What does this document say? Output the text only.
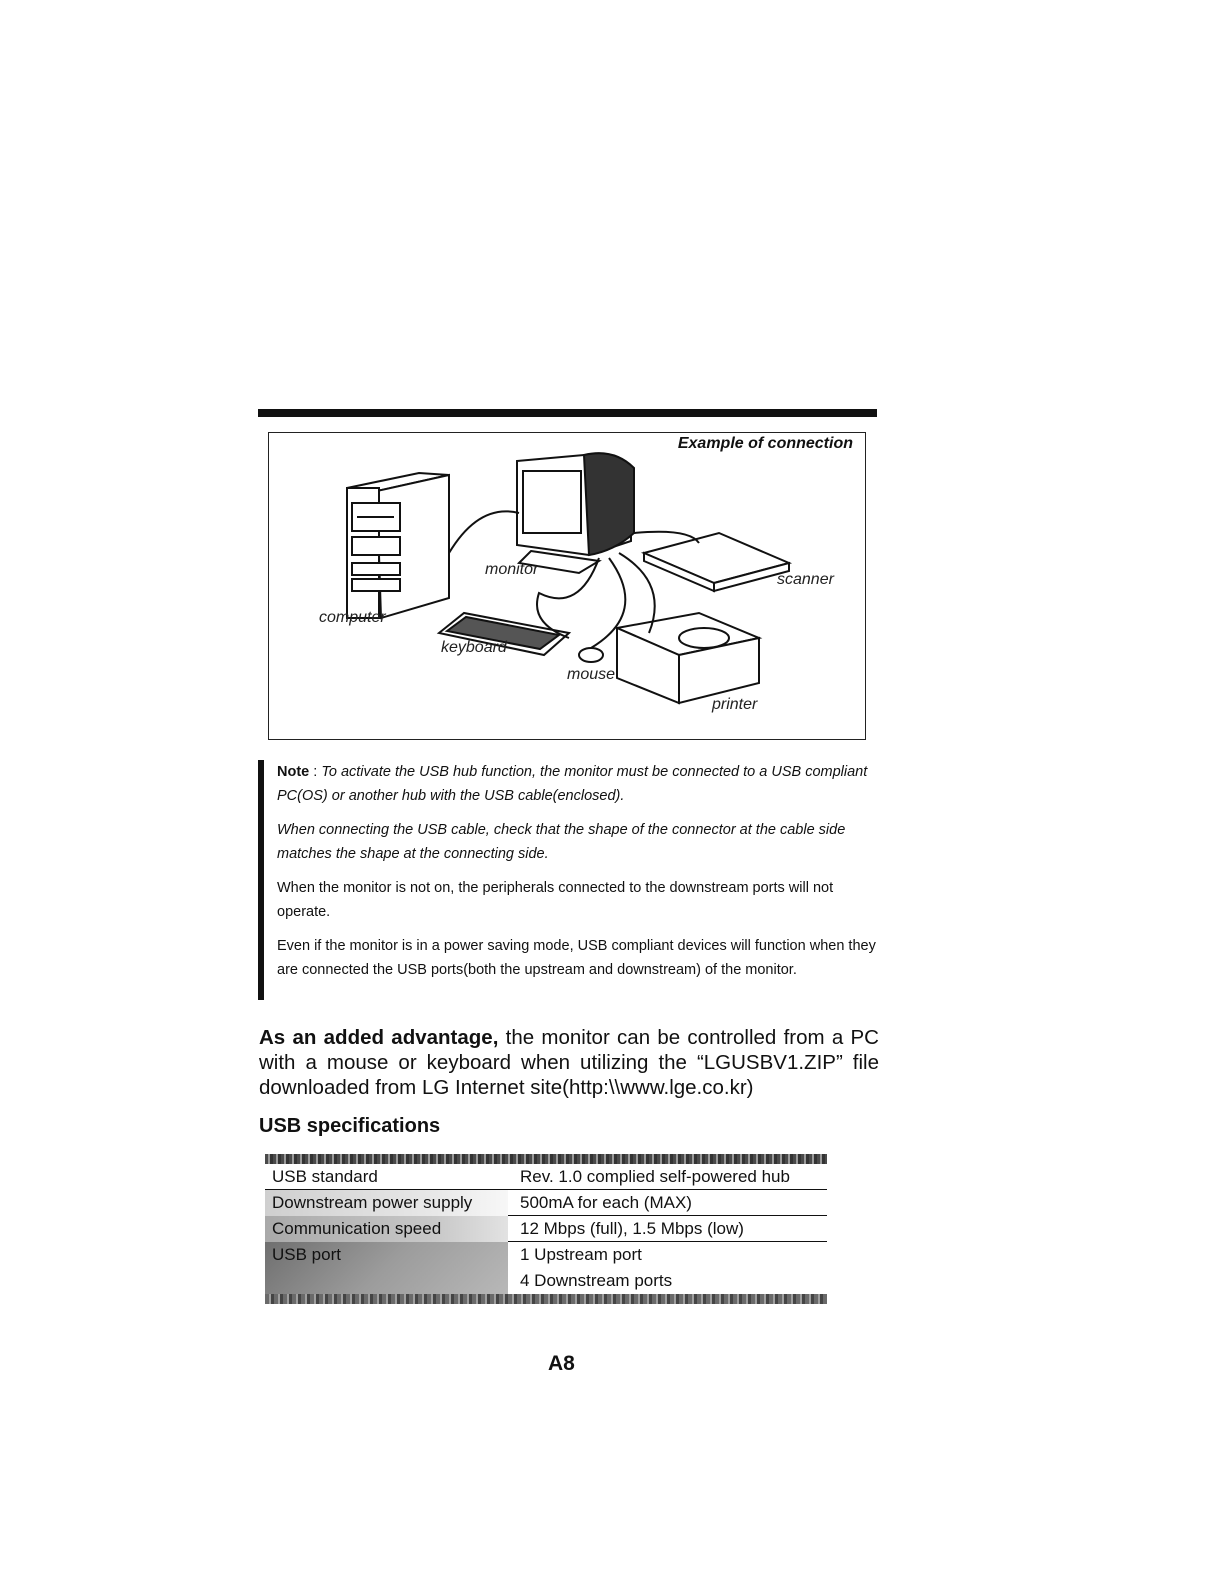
Example of connection
monitor
scanner
computer
keyboard
mouse
printer

Note : To activate the USB hub function, the monitor must be connected to a USB compliant PC(OS) or another hub with the USB cable(enclosed).

When connecting the USB cable, check that the shape of the connector at the cable side matches the shape at the connecting side.

When the monitor is not on, the peripherals connected to the downstream ports will not operate.

Even if the monitor is in a power saving mode, USB compliant devices will function when they are connected the USB ports(both the upstream and downstream) of the monitor.

As an added advantage, the monitor can be controlled from a PC with a mouse or keyboard when utilizing the “LGUSBV1.ZIP” file downloaded from LG Internet site(http:\\www.lge.co.kr)
USB specifications
USB standard	Rev. 1.0 complied self-powered hub
Downstream power supply	500mA for each (MAX)
Communication speed	12 Mbps (full), 1.5 Mbps (low)
USB port	1 Upstream port
4 Downstream ports
A8
